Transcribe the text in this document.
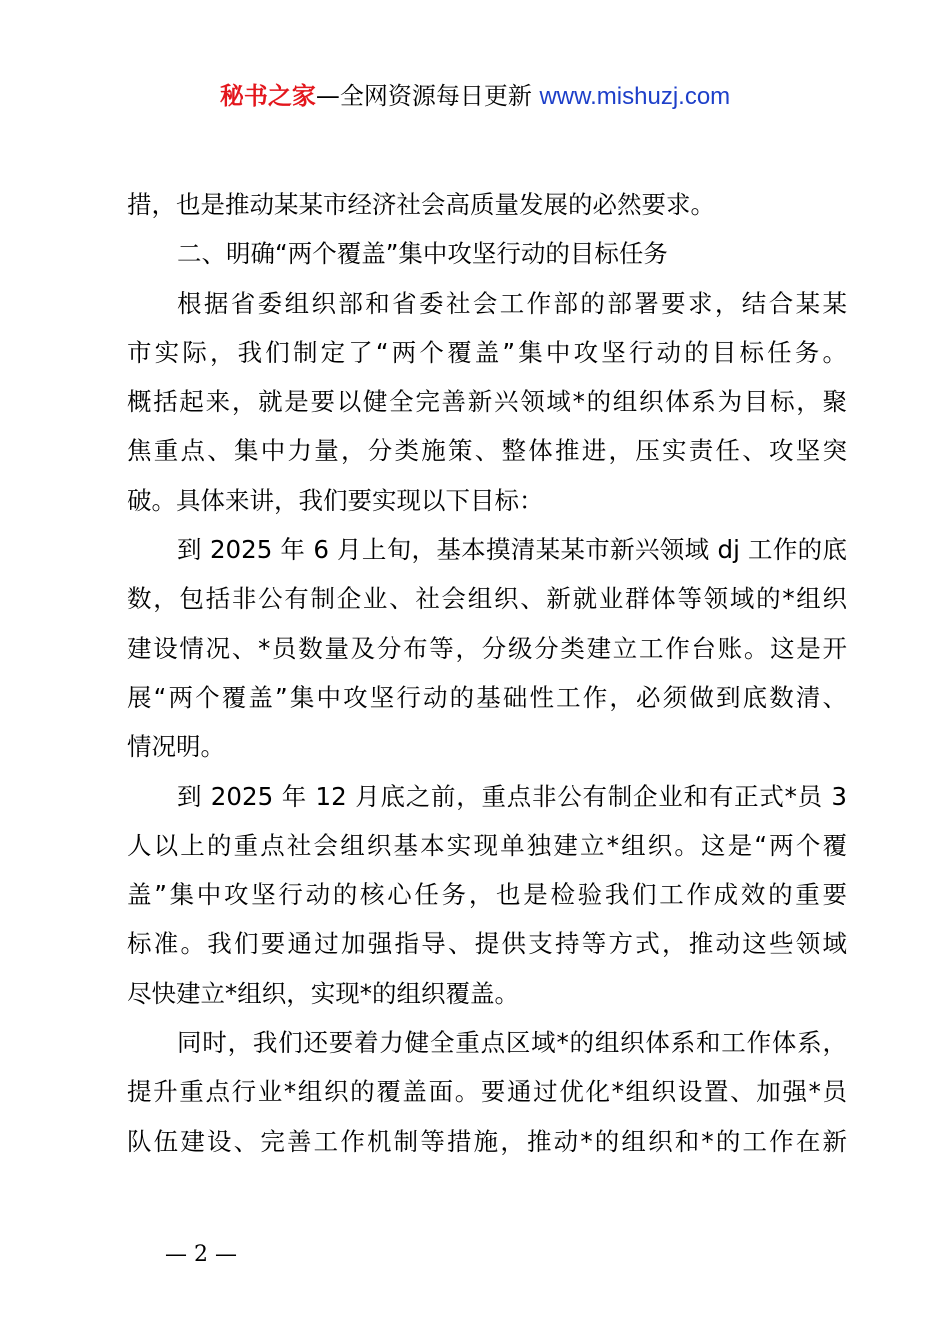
秘书之家—全网资源每日更新 www.mishuzj.com
措，也是推动某某市经济社会高质量发展的必然要求。
二、明确“两个覆盖”集中攻坚行动的目标任务
根据省委组织部和省委社会工作部的部署要求，结合某某
市实际，我们制定了“两个覆盖”集中攻坚行动的目标任务。
概括起来，就是要以健全完善新兴领域*的组织体系为目标，聚
焦重点、集中力量，分类施策、整体推进，压实责任、攻坚突
破。具体来讲，我们要实现以下目标：
到 2025 年 6 月上旬，基本摸清某某市新兴领域 dj 工作的底
数，包括非公有制企业、社会组织、新就业群体等领域的*组织
建设情况、*员数量及分布等，分级分类建立工作台账。这是开
展“两个覆盖”集中攻坚行动的基础性工作，必须做到底数清、
情况明。
到 2025 年 12 月底之前，重点非公有制企业和有正式*员 3
人以上的重点社会组织基本实现单独建立*组织。这是“两个覆
盖”集中攻坚行动的核心任务，也是检验我们工作成效的重要
标准。我们要通过加强指导、提供支持等方式，推动这些领域
尽快建立*组织，实现*的组织覆盖。
同时，我们还要着力健全重点区域*的组织体系和工作体系，
提升重点行业*组织的覆盖面。要通过优化*组织设置、加强*员
队伍建设、完善工作机制等措施，推动*的组织和*的工作在新
— 2 —
